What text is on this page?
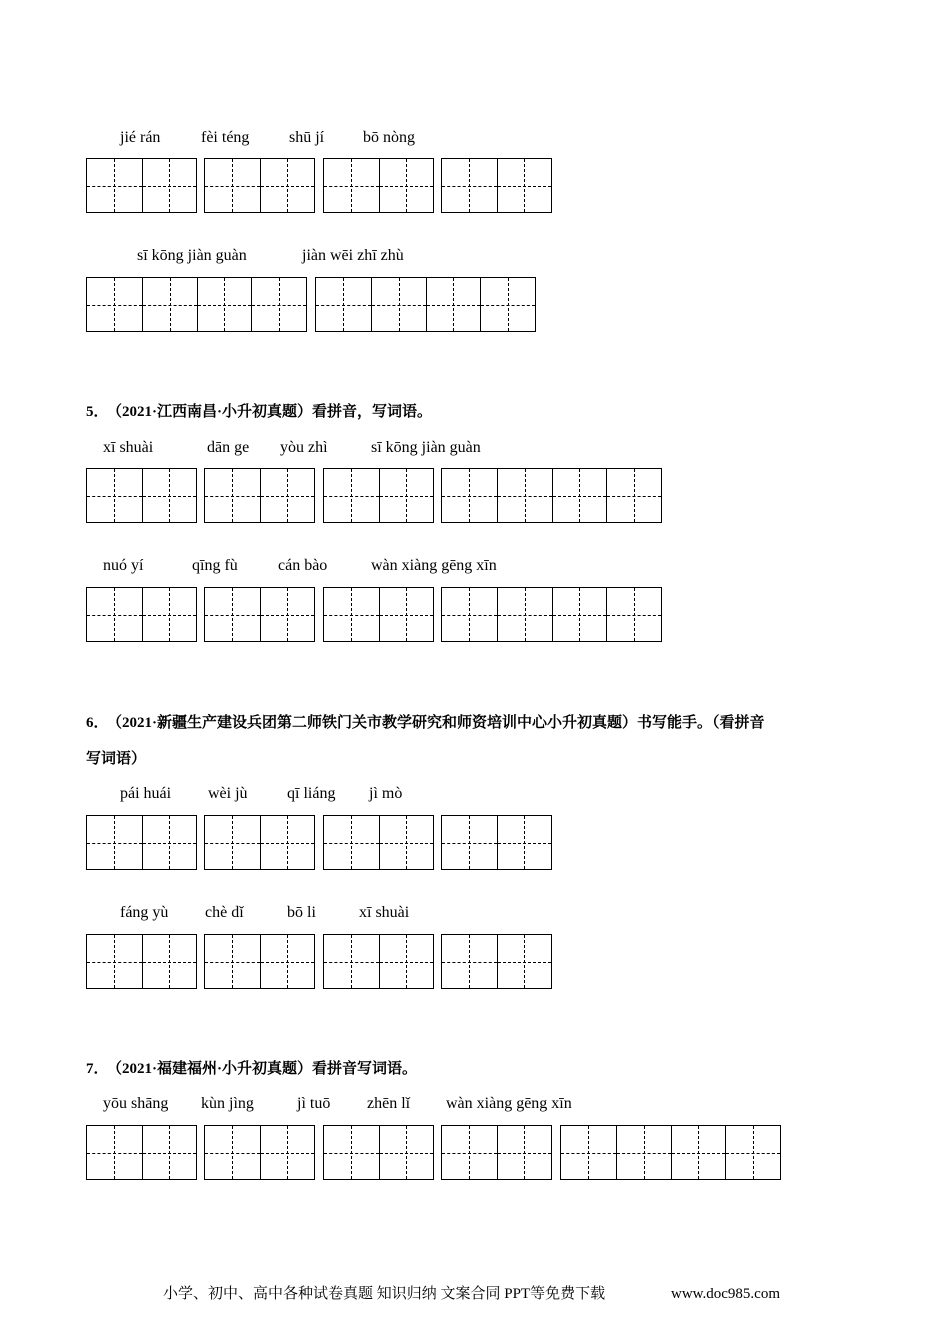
jié rán	fèi téng shū jí bō nòng
sī kōng jiàn guàn	jiàn wēi zhī zhù
5．
（2021·江西南昌·小升初真题）看拼音，写词语。
xī shuài	dān ge yòu zhì	sī kōng jiàn guàn
nuó yí	qīng fù	cán bào	wàn xiàng gēng xīn
6．
（2021·新疆生产建设兵团第二师铁门关市教学研究和师资培训中心小升初真题）书写能手。（看拼音
写词语）
pái huái wèi jù qī liáng jì mò
fáng yù chè dǐ	bō li	xī shuài
7．
（2021·福建福州·小升初真题）看拼音写词语。
yōu shāng kùn jìng	jì tuō zhēn lǐ wàn xiàng gēng xīn
小学、初中、高中各种试卷真题 知识归纳 文案合同 PPT等免费下载	www.doc985.com
